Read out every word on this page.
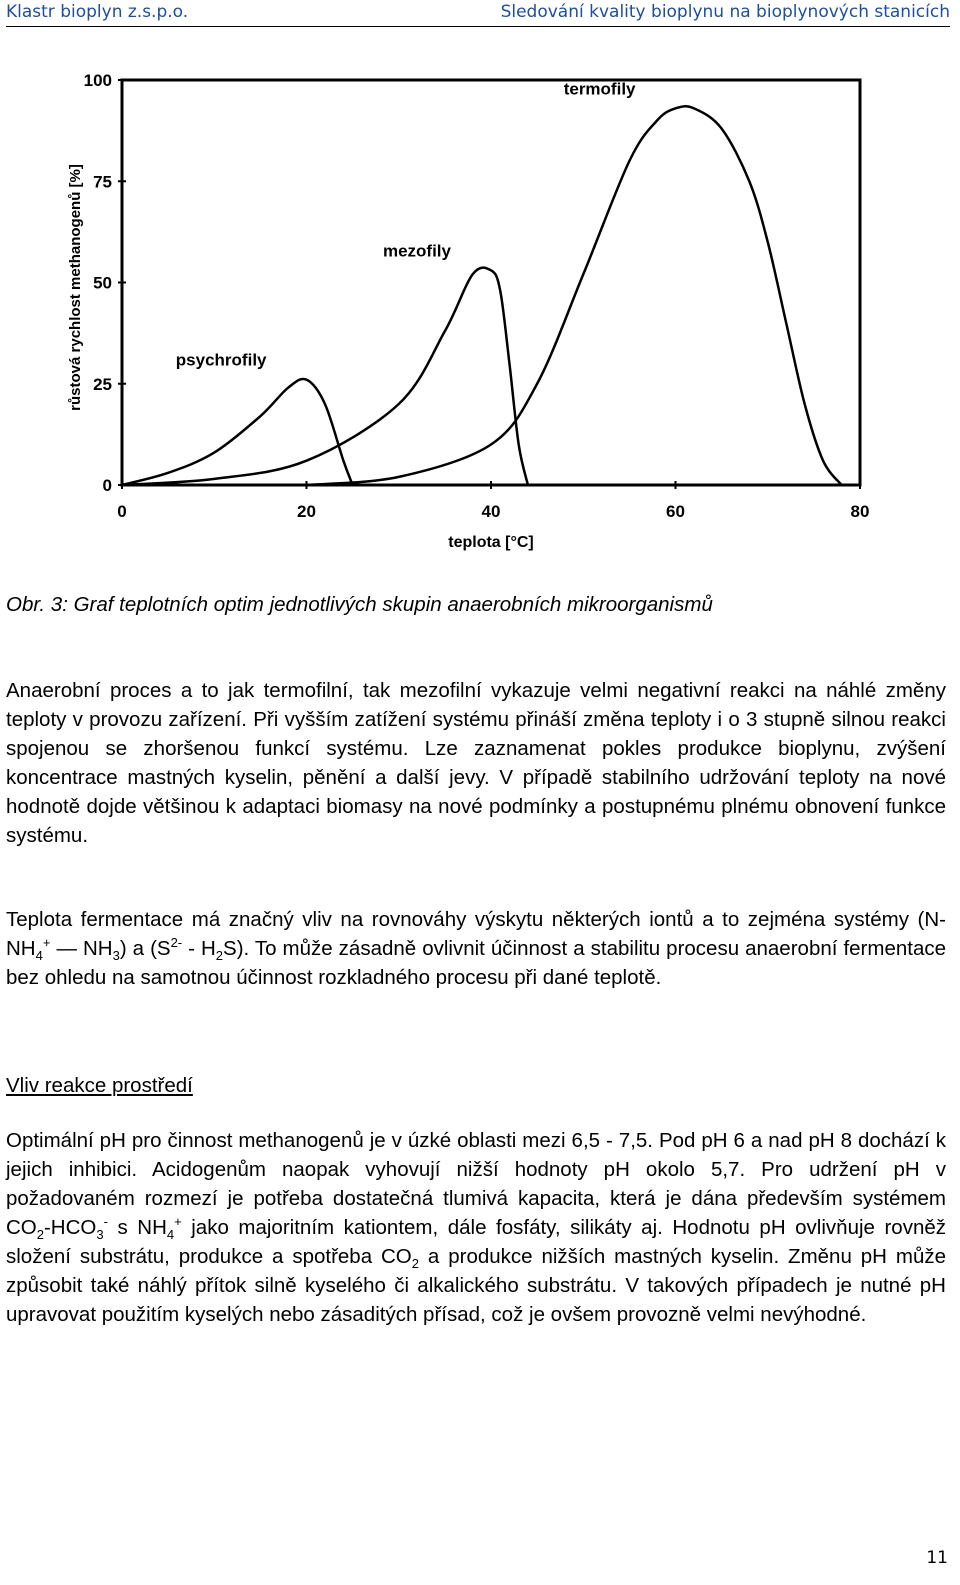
Klastr bioplyn z.s.p.o.	Sledování kvality bioplynu na bioplynových stanicích
0
25
50
75
100
0	20	40	60	80
teplota [°C]
růstová rychlost methanogenů [%]	psychrofily
mezofily
termofily
Obr. 3: Graf teplotních optim jednotlivých skupin anaerobních mikroorganismů

Anaerobní proces a to jak termofilní, tak mezofilní vykazuje velmi negativní reakci na náhlé změny teploty v provozu zařízení. Při vyšším zatížení systému přináší změna teploty i o 3 stupně silnou reakci spojenou se zhoršenou funkcí systému. Lze zaznamenat pokles produkce bioplynu, zvýšení koncentrace mastných kyselin, pěnění a další jevy. V případě stabilního udržování teploty na nové hodnotě dojde většinou k adaptaci biomasy na nové podmínky a postupnému plnému obnovení funkce systému.

Teplota fermentace má značný vliv na rovnováhy výskytu některých iontů a to zejména systémy ($N-NH_4^+$ — $NH_3$) a $(S^{2-} - H_2S)$. To může zásadně ovlivnit účinnost a stabilitu procesu anaerobní fermentace bez ohledu na samotnou účinnost rozkladného procesu při dané teplotě.

Vliv reakce prostředí

Optimální pH pro činnost methanogenů je v úzké oblasti mezi 6,5 - 7,5. Pod pH 6 a nad pH 8 dochází k jejich inhibici. Acidogenům naopak vyhovují nižší hodnoty pH okolo 5,7. Pro udržení pH v požadovaném rozmezí je potřeba dostatečná tlumivá kapacita, která je dána především systémem $CO_2-HCO_3^-$ s $NH_4^+$ jako majoritním kationtem, dále fosfáty, silikáty aj. Hodnotu pH ovlivňuje rovněž složení substrátu, produkce a spotřeba $CO_2$ a produkce nižších mastných kyselin. Změnu pH může způsobit také náhlý přítok silně kyselého či alkalického substrátu. V takových případech je nutné pH upravovat použitím kyselých nebo zásaditých přísad, což je ovšem provozně velmi nevýhodné.

11
